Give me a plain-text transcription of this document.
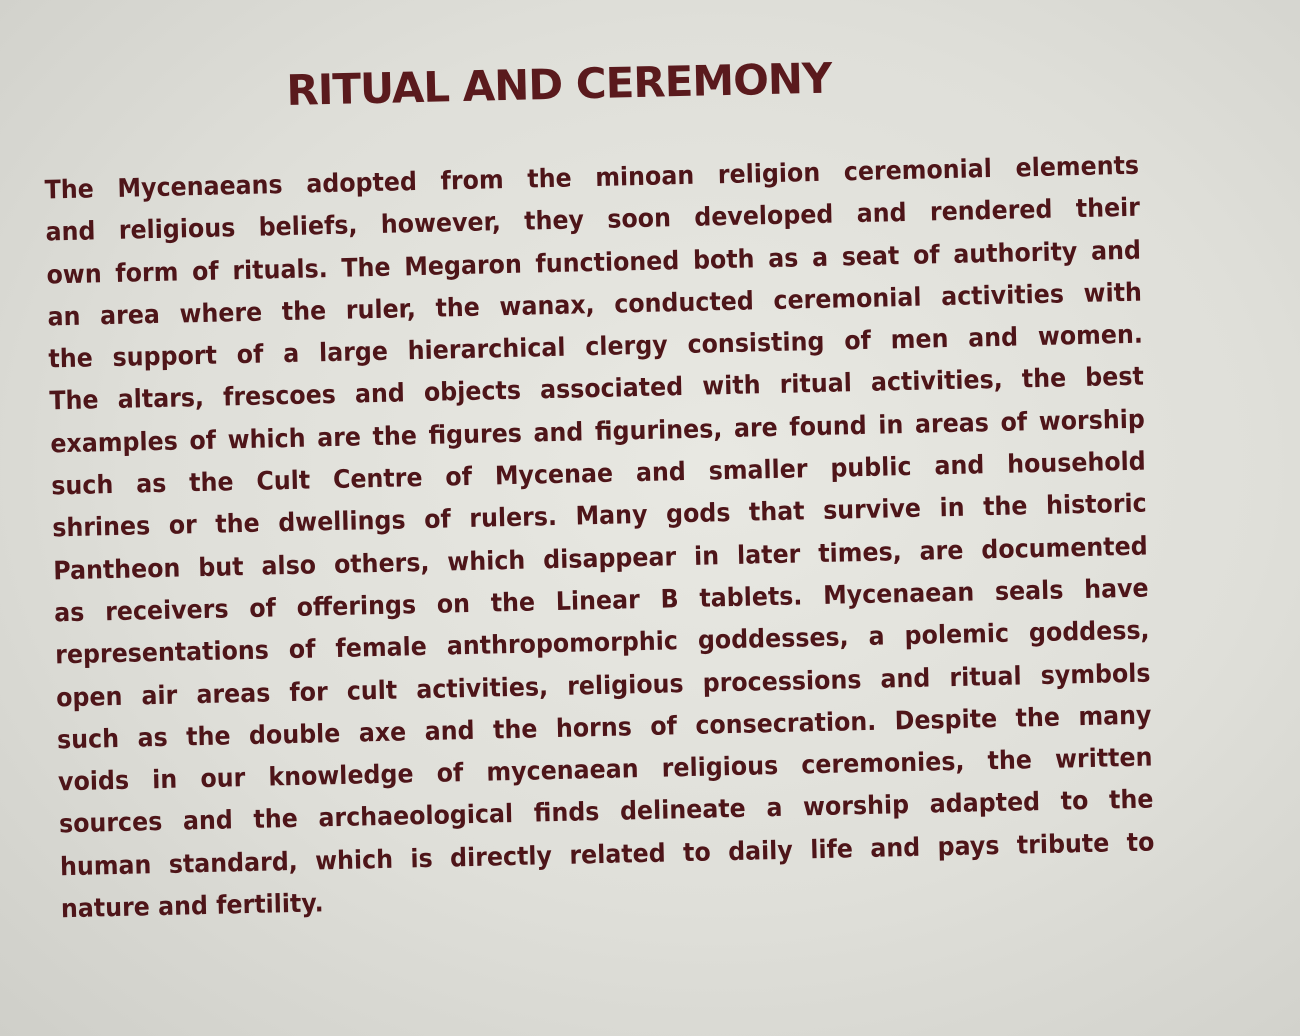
RITUAL AND CEREMONY
The Mycenaeans adopted from the minoan religion ceremonial elements
and religious beliefs, however, they soon developed and rendered their
own form of rituals. The Megaron functioned both as a seat of authority and
an area where the ruler, the wanax, conducted ceremonial activities with
the support of a large hierarchical clergy consisting of men and women.
The altars, frescoes and objects associated with ritual activities, the best
examples of which are the figures and figurines, are found in areas of worship
such as the Cult Centre of Mycenae and smaller public and household
shrines or the dwellings of rulers. Many gods that survive in the historic
Pantheon but also others, which disappear in later times, are documented
as receivers of offerings on the Linear B tablets. Mycenaean seals have
representations of female anthropomorphic goddesses, a polemic goddess,
open air areas for cult activities, religious processions and ritual symbols
such as the double axe and the horns of consecration. Despite the many
voids in our knowledge of mycenaean religious ceremonies, the written
sources and the archaeological finds delineate a worship adapted to the
human standard, which is directly related to daily life and pays tribute to
nature and fertility.
